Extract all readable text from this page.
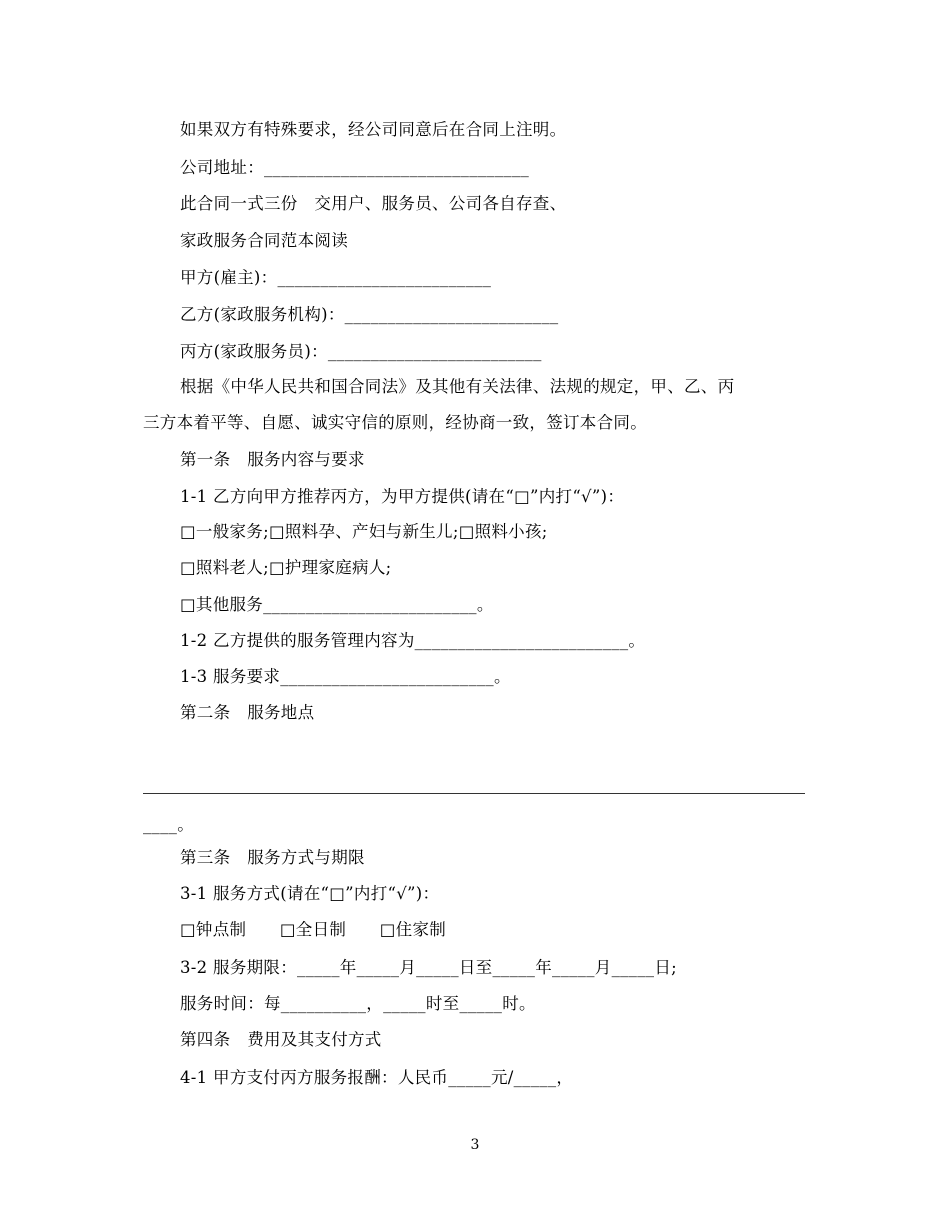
如果双方有特殊要求，经公司同意后在合同上注明。
公司地址：_______________________________
此合同一式三份　交用户、服务员、公司各自存查、
家政服务合同范本阅读
甲方(雇主)：_________________________
乙方(家政服务机构)：_________________________
丙方(家政服务员)：_________________________
根据《中华人民共和国合同法》及其他有关法律、法规的规定，甲、乙、丙
三方本着平等、自愿、诚实守信的原则，经协商一致，签订本合同。
第一条　服务内容与要求
1-1 乙方向甲方推荐丙方，为甲方提供(请在“□”内打“√”)：
□一般家务;□照料孕、产妇与新生儿;□照料小孩;
□照料老人;□护理家庭病人;
□其他服务_________________________。
1-2 乙方提供的服务管理内容为_________________________。
1-3 服务要求_________________________。
第二条　服务地点
____。
第三条　服务方式与期限
3-1 服务方式(请在“□”内打“√”)：
□钟点制　　□全日制　　□住家制
3-2 服务期限：_____年_____月_____日至_____年_____月_____日;
服务时间：每__________，_____时至_____时。
第四条　费用及其支付方式
4-1 甲方支付丙方服务报酬：人民币_____元/_____，
3
